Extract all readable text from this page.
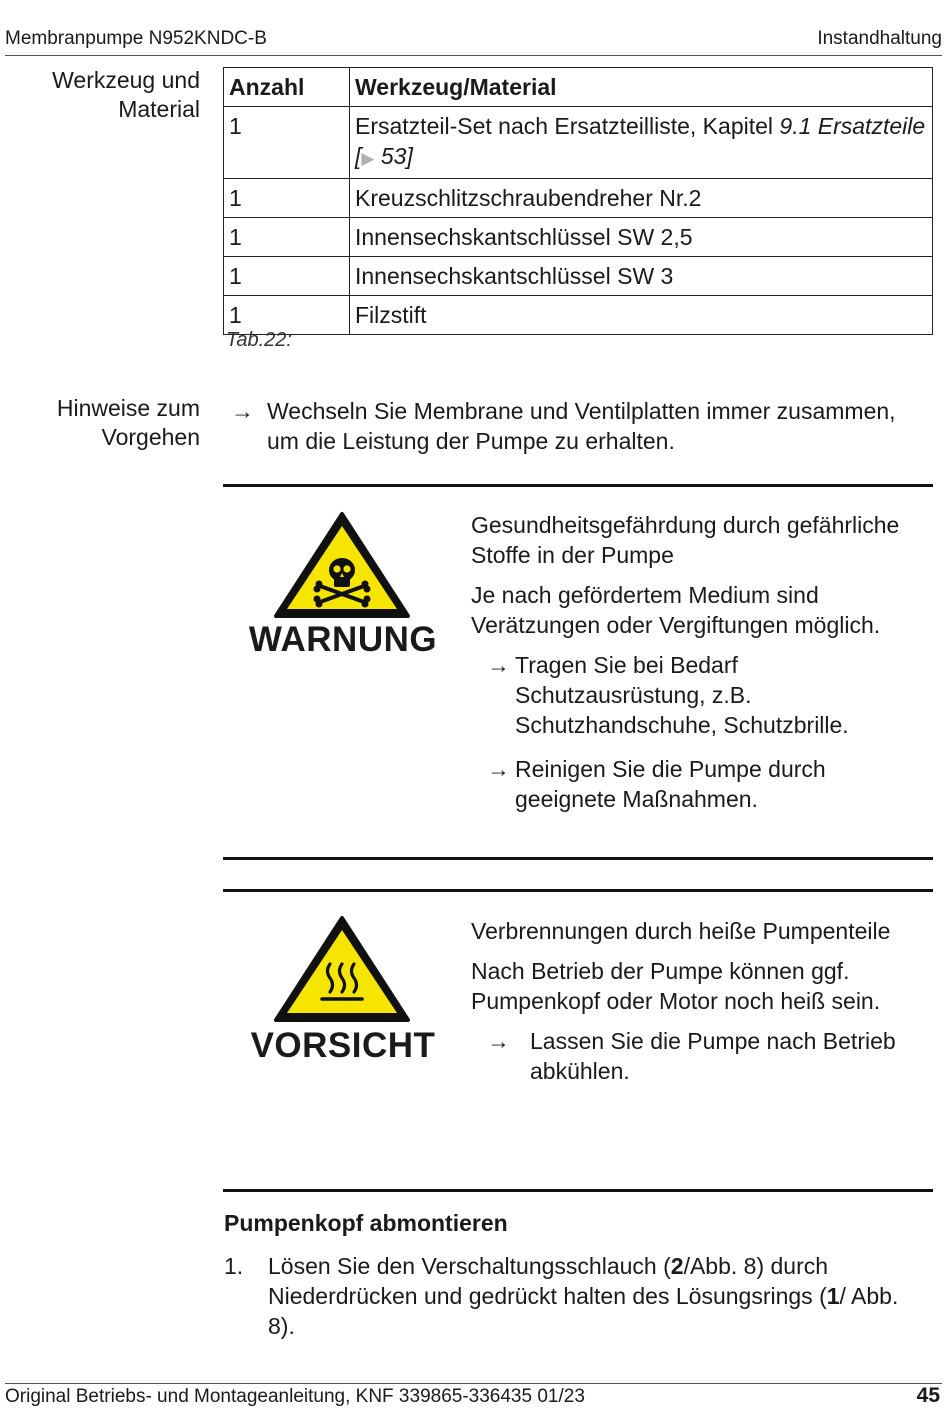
Membranpumpe N952KNDC-B	Instandhaltung
Werkzeug und
Material
Anzahl	Werkzeug/Material
1	Ersatzteil-Set nach Ersatzteilliste, Kapitel 9.1 Ersatzteile [▶ 53]
1	Kreuzschlitzschraubendreher Nr.2
1	Innensechskantschlüssel SW 2,5
1	Innensechskantschlüssel SW 3
1	Filzstift
Tab.22:
Hinweise zum
Vorgehen
→ Wechseln Sie Membrane und Ventilplatten immer zusammen, um die Leistung der Pumpe zu erhalten.
WARNUNG

Gesundheitsgefährdung durch gefährliche Stoffe in der Pumpe

Je nach gefördertem Medium sind Verätzungen oder Vergiftungen möglich.

→ Tragen Sie bei Bedarf Schutzausrüstung, z.B. Schutzhandschuhe, Schutzbrille.
→ Reinigen Sie die Pumpe durch geeignete Maßnahmen.
VORSICHT

Verbrennungen durch heiße Pumpenteile

Nach Betrieb der Pumpe können ggf. Pumpenkopf oder Motor noch heiß sein.

→ Lassen Sie die Pumpe nach Betrieb abkühlen.
Pumpenkopf abmontieren
1.	Lösen Sie den Verschaltungsschlauch (2/Abb. 8) durch Niederdrücken und gedrückt halten des Lösungsrings (1/ Abb. 8).
Original Betriebs- und Montageanleitung, KNF 339865-336435 01/23	45
